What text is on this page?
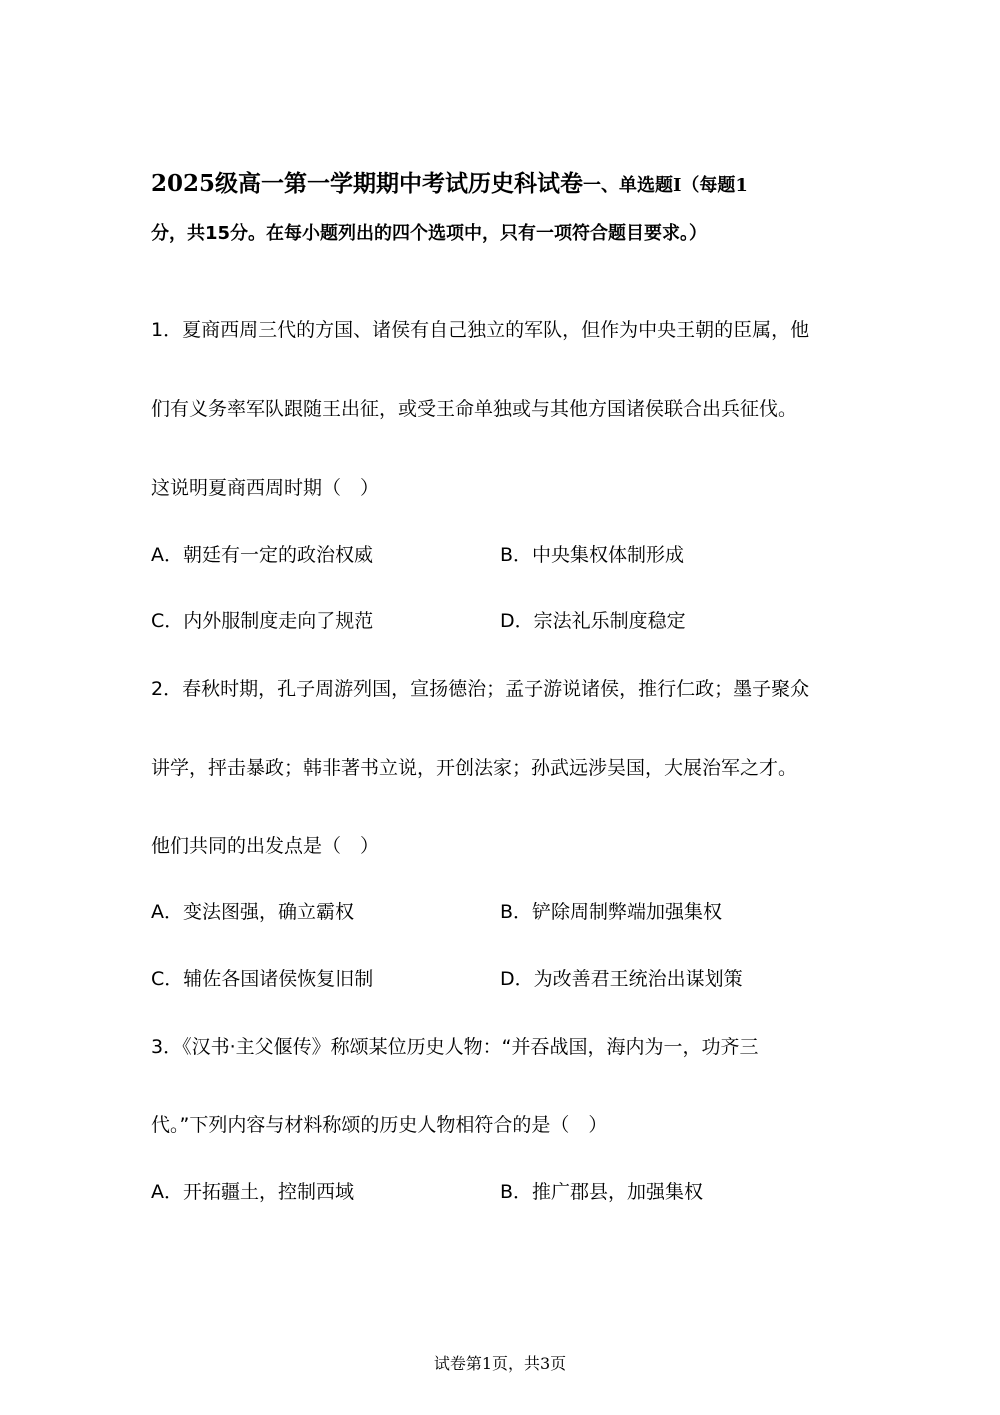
2025级高一第一学期期中考试历史科试卷一、单选题Ⅰ（每题1
分，共15分。在每小题列出的四个选项中，只有一项符合题目要求。）
1．夏商西周三代的方国、诸侯有自己独立的军队，但作为中央王朝的臣属，他
们有义务率军队跟随王出征，或受王命单独或与其他方国诸侯联合出兵征伐。
这说明夏商西周时期（　）
A．朝廷有一定的政治权威	B．中央集权体制形成
C．内外服制度走向了规范	D．宗法礼乐制度稳定
2．春秋时期，孔子周游列国，宣扬德治；孟子游说诸侯，推行仁政；墨子聚众
讲学，抨击暴政；韩非著书立说，开创法家；孙武远涉吴国，大展治军之才。
他们共同的出发点是（　）
A．变法图强，确立霸权	B．铲除周制弊端加强集权
C．辅佐各国诸侯恢复旧制	D．为改善君王统治出谋划策
3．《汉书·主父偃传》称颂某位历史人物：“并吞战国，海内为一，功齐三
代。”下列内容与材料称颂的历史人物相符合的是（　）
A．开拓疆土，控制西域	B．推广郡县，加强集权
试卷第1页，共3页
